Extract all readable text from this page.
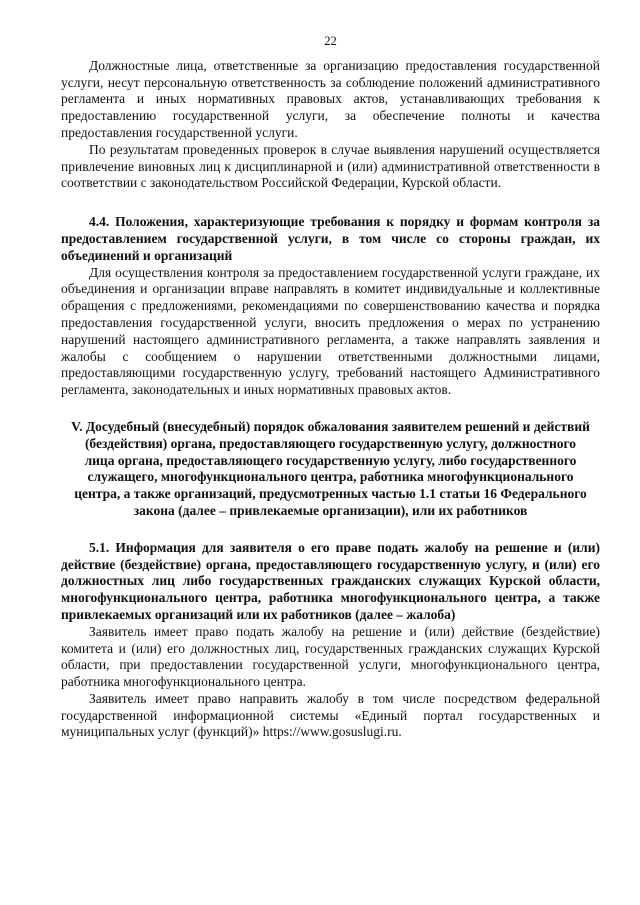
22

Должностные лица, ответственные за организацию предоставления государственной услуги, несут персональную ответственность за соблюдение положений административного регламента и иных нормативных правовых актов, устанавливающих требования к предоставлению государственной услуги, за обеспечение полноты и качества предоставления государственной услуги.

По результатам проведенных проверок в случае выявления нарушений осуществляется привлечение виновных лиц к дисциплинарной и (или) административной ответственности в соответствии с законодательством Российской Федерации, Курской области.

4.4. Положения, характеризующие требования к порядку и формам контроля за предоставлением государственной услуги, в том числе со стороны граждан, их объединений и организаций

Для осуществления контроля за предоставлением государственной услуги граждане, их объединения и организации вправе направлять в комитет индивидуальные и коллективные обращения с предложениями, рекомендациями по совершенствованию качества и порядка предоставления государственной услуги, вносить предложения о мерах по устранению нарушений настоящего административного регламента, а также направлять заявления и жалобы с сообщением о нарушении ответственными должностными лицами, предоставляющими государственную услугу, требований настоящего Административного регламента, законодательных и иных нормативных правовых актов.

V. Досудебный (внесудебный) порядок обжалования заявителем решений и действий (бездействия) органа, предоставляющего государственную услугу, должностного лица органа, предоставляющего государственную услугу, либо государственного служащего, многофункционального центра, работника многофункционального центра, а также организаций, предусмотренных частью 1.1 статьи 16 Федерального закона (далее – привлекаемые организации), или их работников
5.1. Информация для заявителя о его праве подать жалобу на решение и (или) действие (бездействие) органа, предоставляющего государственную услугу, и (или) его должностных лиц либо государственных гражданских служащих Курской области, многофункционального центра, работника многофункционального центра, а также привлекаемых организаций или их работников (далее – жалоба)

Заявитель имеет право подать жалобу на решение и (или) действие (бездействие) комитета и (или) его должностных лиц, государственных гражданских служащих Курской области, при предоставлении государственной услуги, многофункционального центра, работника многофункционального центра.

Заявитель имеет право направить жалобу в том числе посредством федеральной государственной информационной системы «Единый портал государственных и муниципальных услуг (функций)» https://www.gosuslugi.ru.
